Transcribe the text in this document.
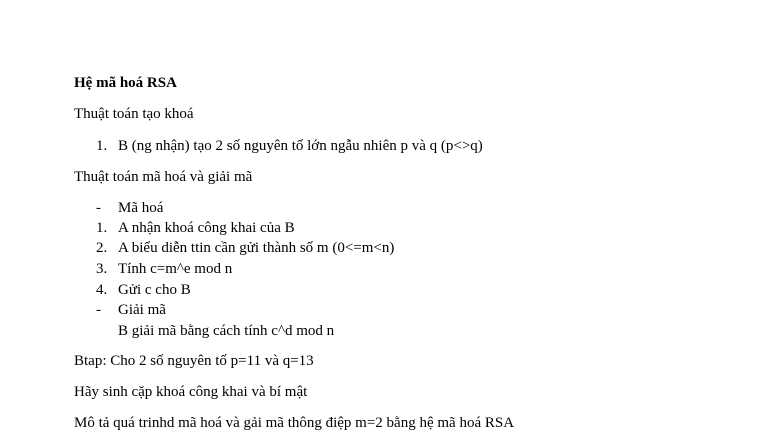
Hệ mã hoá RSA
Thuật toán tạo khoá
1. B (ng nhận) tạo 2 số nguyên tố lớn ngẫu nhiên p và q (p<>q)
Thuật toán mã hoá và giải mã
- Mã hoá
1. A nhận khoá công khai của B
2. A biểu diễn ttin cần gửi thành số m (0<=m<n)
3. Tính c=m^e mod n
4. Gửi c cho B
- Giải mã
B giải mã bằng cách tính c^d mod n
Btap: Cho 2 số nguyên tố p=11 và q=13
Hãy sinh cặp khoá công khai và bí mật
Mô tả quá trinhd mã hoá và gải mã thông điệp m=2 bằng hệ mã hoá RSA
